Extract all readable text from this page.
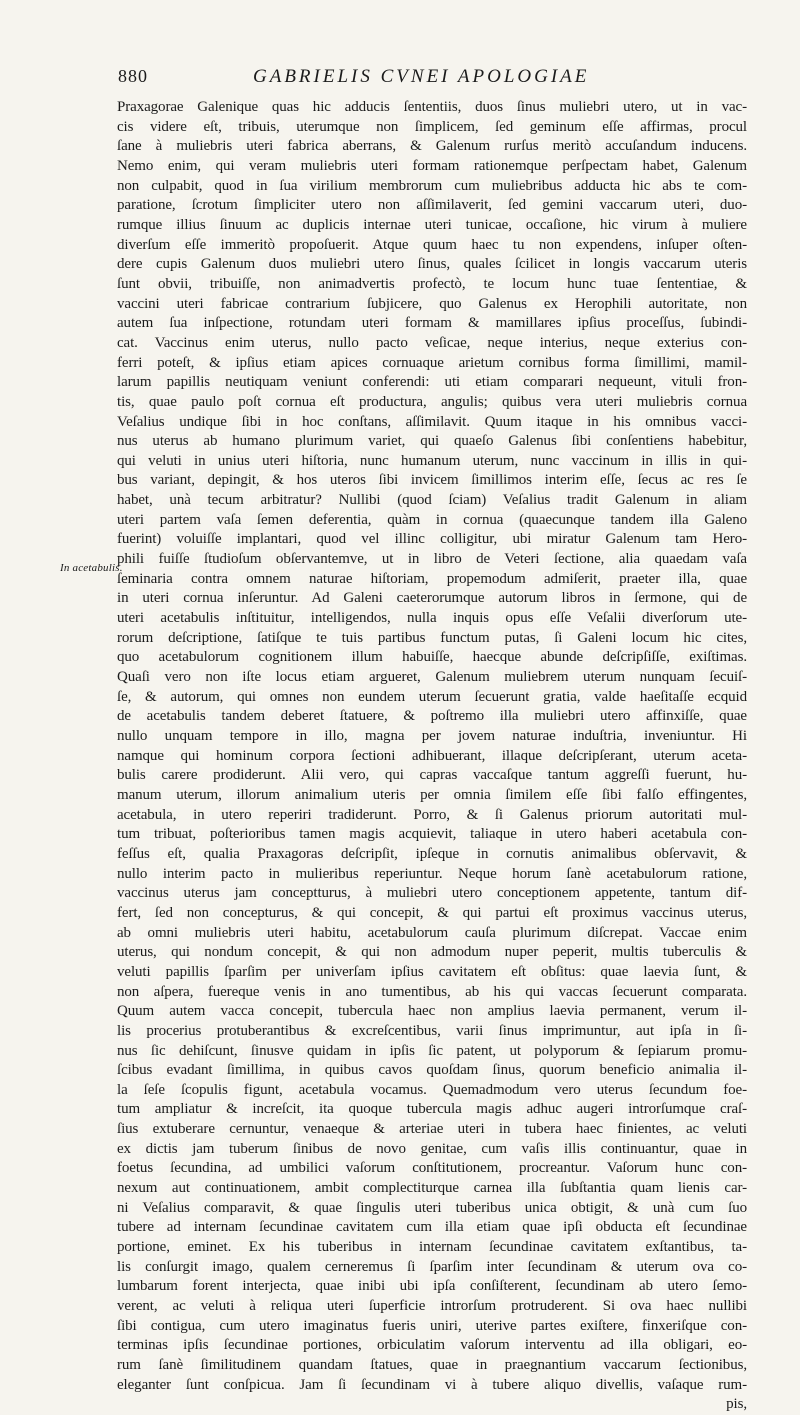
880	GABRIELIS CVNEI APOLOGIAE
In acetabulis.
Praxagorae Galenique quas hic adducis ſententiis, duos ſinus muliebri utero, ut in vac-
cis videre eſt, tribuis, uterumque non ſimplicem, ſed geminum eſſe affirmas, procul
ſane à muliebris uteri fabrica aberrans, & Galenum rurſus meritò accuſandum inducens.
Nemo enim, qui veram muliebris uteri formam rationemque perſpectam habet, Galenum
non culpabit, quod in ſua virilium membrorum cum muliebribus adducta hic abs te com-
paratione, ſcrotum ſimpliciter utero non aſſimilaverit, ſed gemini vaccarum uteri, duo-
rumque illius ſinuum ac duplicis internae uteri tunicae, occaſione, hic virum à muliere
diverſum eſſe immeritò propoſuerit. Atque quum haec tu non expendens, inſuper oſten-
dere cupis Galenum duos muliebri utero ſinus, quales ſcilicet in longis vaccarum uteris
ſunt obvii, tribuiſſe, non animadvertis profectò, te locum hunc tuae ſententiae, &
vaccini uteri fabricae contrarium ſubjicere, quo Galenus ex Herophili autoritate, non
autem ſua inſpectione, rotundam uteri formam & mamillares ipſius proceſſus, ſubindi-
cat. Vaccinus enim uterus, nullo pacto veſicae, neque interius, neque exterius con-
ferri poteſt, & ipſius etiam apices cornuaque arietum cornibus forma ſimillimi, mamil-
larum papillis neutiquam veniunt conferendi: uti etiam comparari nequeunt, vituli fron-
tis, quae paulo poſt cornua eſt productura, angulis; quibus vera uteri muliebris cornua
Veſalius undique ſibi in hoc conſtans, aſſimilavit. Quum itaque in his omnibus vacci-
nus uterus ab humano plurimum variet, qui quaeſo Galenus ſibi conſentiens habebitur,
qui veluti in unius uteri hiſtoria, nunc humanum uterum, nunc vaccinum in illis in qui-
bus variant, depingit, & hos uteros ſibi invicem ſimillimos interim eſſe, ſecus ac res ſe
habet, unà tecum arbitratur? Nullibi (quod ſciam) Veſalius tradit Galenum in aliam
uteri partem vaſa ſemen deferentia, quàm in cornua (quaecunque tandem illa Galeno
fuerint) voluiſſe implantari, quod vel illinc colligitur, ubi miratur Galenum tam Hero-
phili fuiſſe ſtudioſum obſervantemve, ut in libro de Veteri ſectione, alia quaedam vaſa
ſeminaria contra omnem naturae hiſtoriam, propemodum admiſerit, praeter illa, quae
in uteri cornua inſeruntur. Ad Galeni caeterorumque autorum libros in ſermone, qui de
uteri acetabulis inſtituitur, intelligendos, nulla inquis opus eſſe Veſalii diverſorum ute-
rorum deſcriptione, ſatiſque te tuis partibus functum putas, ſi Galeni locum hic cites,
quo acetabulorum cognitionem illum habuiſſe, haecque abunde deſcripſiſſe, exiſtimas.
Quaſi vero non iſte locus etiam argueret, Galenum muliebrem uterum nunquam ſecuiſ-
ſe, & autorum, qui omnes non eundem uterum ſecuerunt gratia, valde haeſitaſſe ecquid
de acetabulis tandem deberet ſtatuere, & poſtremo illa muliebri utero affinxiſſe, quae
nullo unquam tempore in illo, magna per jovem naturae induſtria, inveniuntur. Hi
namque qui hominum corpora ſectioni adhibuerant, illaque deſcripſerant, uterum aceta-
bulis carere prodiderunt. Alii vero, qui capras vaccaſque tantum aggreſſi fuerunt, hu-
manum uterum, illorum animalium uteris per omnia ſimilem eſſe ſibi falſo effingentes,
acetabula, in utero reperiri tradiderunt. Porro, & ſi Galenus priorum autoritati mul-
tum tribuat, poſterioribus tamen magis acquievit, taliaque in utero haberi acetabula con-
feſſus eſt, qualia Praxagoras deſcripſit, ipſeque in cornutis animalibus obſervavit, &
nullo interim pacto in mulieribus reperiuntur. Neque horum ſanè acetabulorum ratione,
vaccinus uterus jam conceptturus, à muliebri utero conceptionem appetente, tantum dif-
fert, ſed non concepturus, & qui concepit, & qui partui eſt proximus vaccinus uterus,
ab omni muliebris uteri habitu, acetabulorum cauſa plurimum diſcrepat. Vaccae enim
uterus, qui nondum concepit, & qui non admodum nuper peperit, multis tuberculis &
veluti papillis ſparſim per univerſam ipſius cavitatem eſt obſitus: quae laevia ſunt, &
non aſpera, fuereque venis in ano tumentibus, ab his qui vaccas ſecuerunt comparata.
Quum autem vacca concepit, tubercula haec non amplius laevia permanent, verum il-
lis procerius protuberantibus & excreſcentibus, varii ſinus imprimuntur, aut ipſa in ſi-
nus ſic dehiſcunt, ſinusve quidam in ipſis ſic patent, ut polyporum & ſepiarum promu-
ſcibus evadant ſimillima, in quibus cavos quoſdam ſinus, quorum beneficio animalia il-
la ſeſe ſcopulis figunt, acetabula vocamus. Quemadmodum vero uterus ſecundum foe-
tum ampliatur & increſcit, ita quoque tubercula magis adhuc augeri introrſumque craſ-
ſius extuberare cernuntur, venaeque & arteriae uteri in tubera haec finientes, ac veluti
ex dictis jam tuberum ſinibus de novo genitae, cum vaſis illis continuantur, quae in
foetus ſecundina, ad umbilici vaſorum conſtitutionem, procreantur. Vaſorum hunc con-
nexum aut continuationem, ambit complectiturque carnea illa ſubſtantia quam lienis car-
ni Veſalius comparavit, & quae ſingulis uteri tuberibus unica obtigit, & unà cum ſuo
tubere ad internam ſecundinae cavitatem cum illa etiam quae ipſi obducta eſt ſecundinae
portione, eminet. Ex his tuberibus in internam ſecundinae cavitatem exſtantibus, ta-
lis conſurgit imago, qualem cerneremus ſi ſparſim inter ſecundinam & uterum ova co-
lumbarum forent interjecta, quae inibi ubi ipſa conſiſterent, ſecundinam ab utero ſemo-
verent, ac veluti à reliqua uteri ſuperficie introrſum protruderent. Si ova haec nullibi
ſibi contigua, cum utero imaginatus fueris uniri, uterive partes exiſtere, finxeriſque con-
terminas ipſis ſecundinae portiones, orbiculatim vaſorum interventu ad illa obligari, eo-
rum ſanè ſimilitudinem quandam ſtatues, quae in praegnantium vaccarum ſectionibus,
eleganter ſunt conſpicua. Jam ſi ſecundinam vi à tubere aliquo divellis, vaſaque rum-
pis,
